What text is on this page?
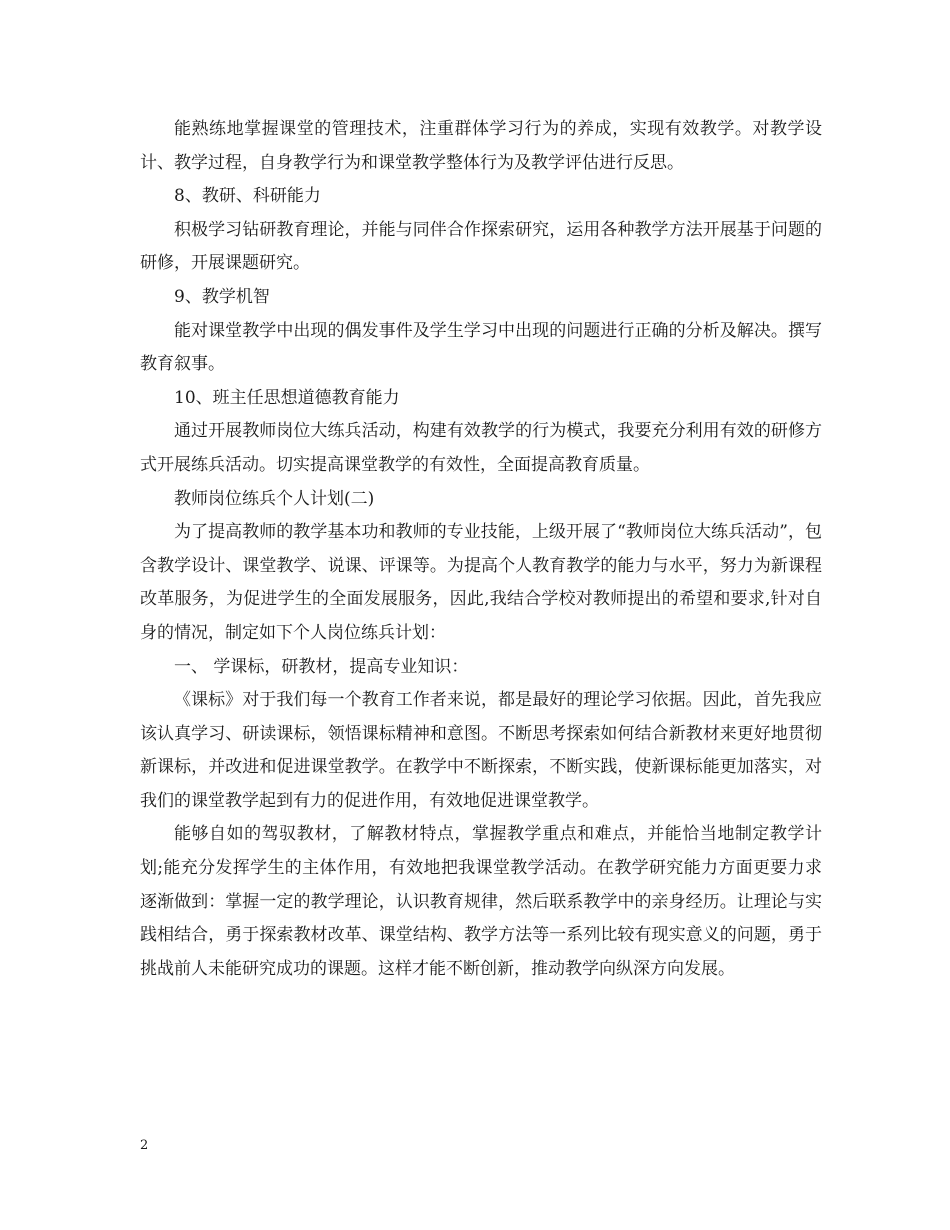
能熟练地掌握课堂的管理技术，注重群体学习行为的养成，实现有效教学。对教学设计、教学过程，自身教学行为和课堂教学整体行为及教学评估进行反思。

8、教研、科研能力

积极学习钻研教育理论，并能与同伴合作探索研究，运用各种教学方法开展基于问题的研修，开展课题研究。

9、教学机智

能对课堂教学中出现的偶发事件及学生学习中出现的问题进行正确的分析及解决。撰写教育叙事。

10、班主任思想道德教育能力

通过开展教师岗位大练兵活动，构建有效教学的行为模式，我要充分利用有效的研修方式开展练兵活动。切实提高课堂教学的有效性，全面提高教育质量。

教师岗位练兵个人计划(二)

为了提高教师的教学基本功和教师的专业技能，上级开展了“教师岗位大练兵活动”，包含教学设计、课堂教学、说课、评课等。为提高个人教育教学的能力与水平，努力为新课程改革服务，为促进学生的全面发展服务，因此,我结合学校对教师提出的希望和要求,针对自身的情况，制定如下个人岗位练兵计划：

一、 学课标，研教材，提高专业知识：

《课标》对于我们每一个教育工作者来说，都是最好的理论学习依据。因此，首先我应该认真学习、研读课标，领悟课标精神和意图。不断思考探索如何结合新教材来更好地贯彻新课标，并改进和促进课堂教学。在教学中不断探索，不断实践，使新课标能更加落实，对我们的课堂教学起到有力的促进作用，有效地促进课堂教学。

能够自如的驾驭教材，了解教材特点，掌握教学重点和难点，并能恰当地制定教学计划;能充分发挥学生的主体作用，有效地把我课堂教学活动。在教学研究能力方面更要力求逐渐做到：掌握一定的教学理论，认识教育规律，然后联系教学中的亲身经历。让理论与实践相结合，勇于探索教材改革、课堂结构、教学方法等一系列比较有现实意义的问题，勇于挑战前人未能研究成功的课题。这样才能不断创新，推动教学向纵深方向发展。

2
